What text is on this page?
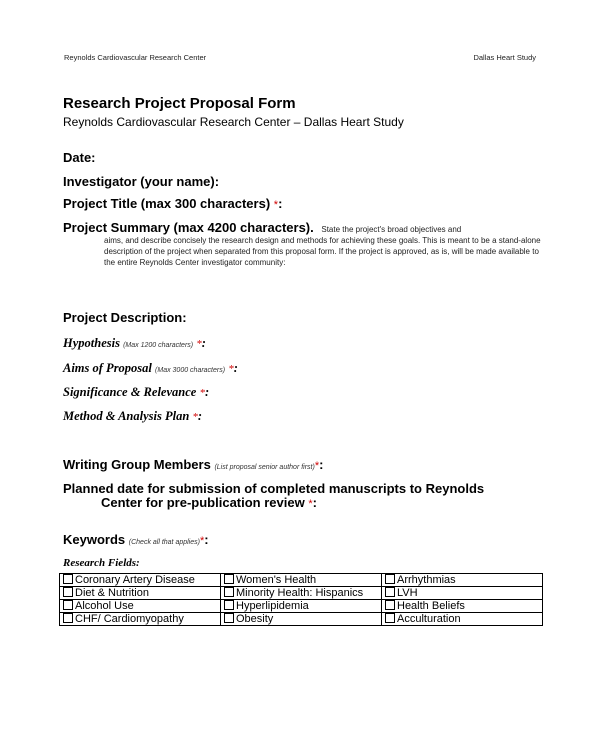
Reynolds Cardiovascular Research Center	Dallas Heart Study
Research Project Proposal Form
Reynolds Cardiovascular Research Center – Dallas Heart Study
Date:
Investigator (your name):
Project Title (max 300 characters) *:
Project Summary (max 4200 characters). State the project's broad objectives and
aims, and describe concisely the research design and methods for achieving these goals. This is meant to be a stand-alone description of the project when separated from this proposal form. If the project is approved, as is, will be made available to the entire Reynolds Center investigator community:
Project Description:
Hypothesis (Max 1200 characters) *:
Aims of Proposal (Max 3000 characters) *:
Significance & Relevance *:
Method & Analysis Plan *:
Writing Group Members (List proposal senior author first)*:
Planned date for submission of completed manuscripts to Reynolds
Center for pre-publication review *:
Keywords (Check all that applies)*:
Research Fields:
Coronary Artery Disease	Women's Health	Arrhythmias
Diet & Nutrition	Minority Health: Hispanics	LVH
Alcohol Use	Hyperlipidemia	Health Beliefs
CHF/ Cardiomyopathy	Obesity	Acculturation
